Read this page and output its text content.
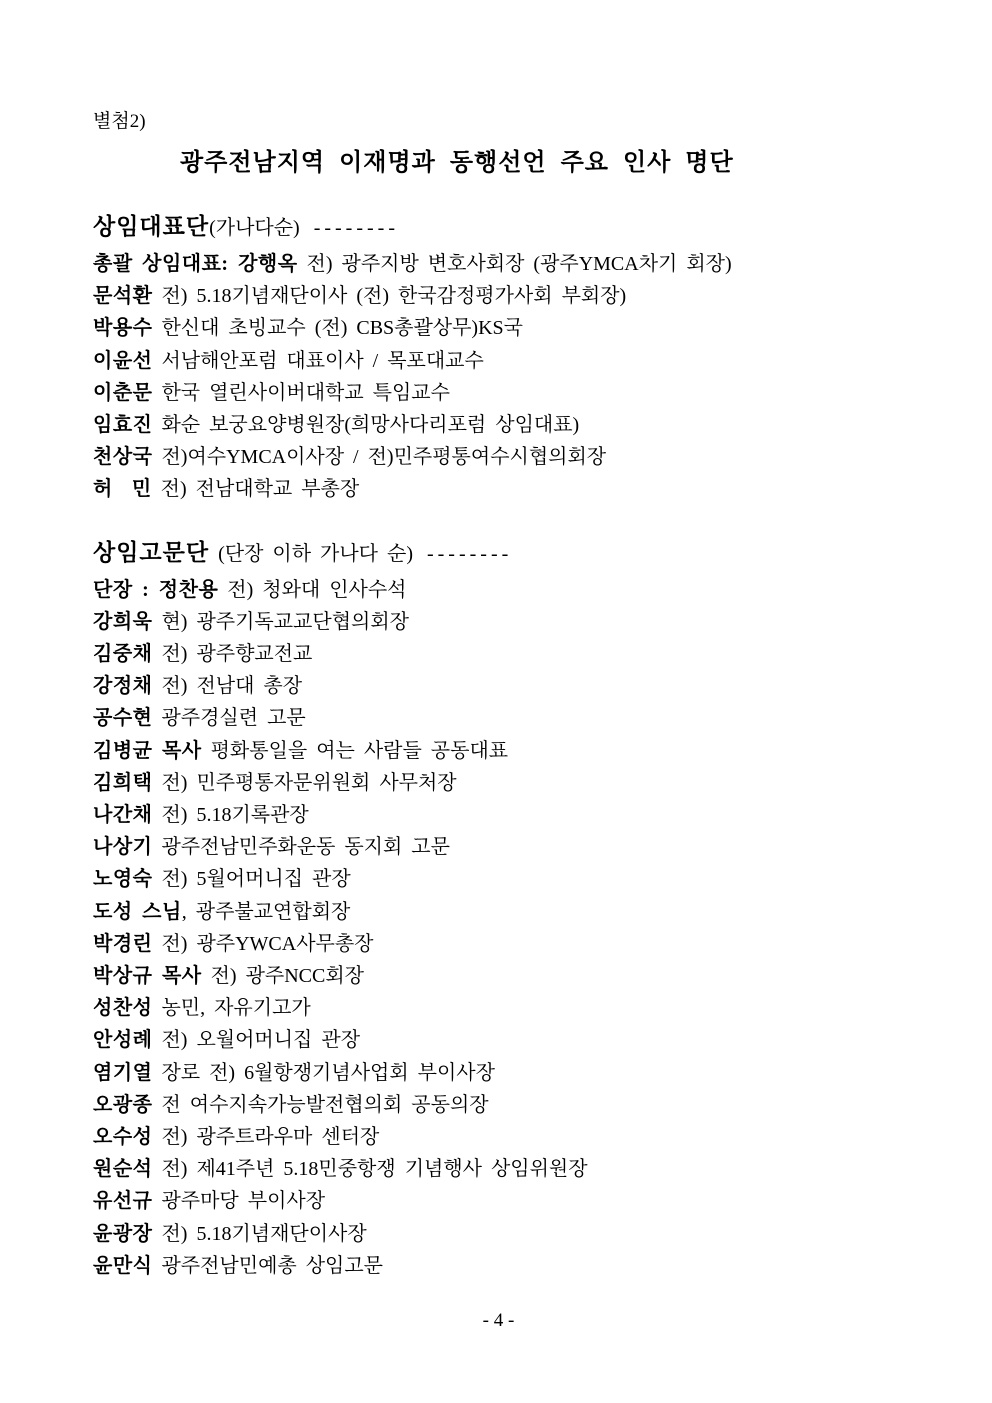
별첨2)
광주전남지역 이재명과 동행선언 주요 인사 명단
상임대표단(가나다순) --------
총괄 상임대표: 강행옥 전) 광주지방 변호사회장 (광주YMCA차기 회장)
문석환 전) 5.18기념재단이사 (전) 한국감정평가사회 부회장)
박용수 한신대 초빙교수 (전) CBS총괄상무)KS국
이윤선 서남해안포럼 대표이사 / 목포대교수
이춘문 한국 열린사이버대학교 특임교수
임효진 화순 보궁요양병원장(희망사다리포럼 상임대표)
천상국 전)여수YMCA이사장 / 전)민주평통여수시협의회장
허  민 전) 전남대학교 부총장
상임고문단 (단장 이하 가나다 순) --------
단장 : 정찬용 전) 청와대 인사수석
강희욱 현) 광주기독교교단협의회장
김중채 전) 광주향교전교
강정채 전) 전남대 총장
공수현 광주경실련 고문
김병균 목사 평화통일을 여는 사람들 공동대표
김희택 전) 민주평통자문위원회 사무처장
나간채 전) 5.18기록관장
나상기 광주전남민주화운동 동지회 고문
노영숙 전) 5월어머니집 관장
도성 스님, 광주불교연합회장
박경린 전) 광주YWCA사무총장
박상규 목사 전) 광주NCC회장
성찬성 농민, 자유기고가
안성례 전) 오월어머니집 관장
염기열 장로 전) 6월항쟁기념사업회 부이사장
오광종 전 여수지속가능발전협의회 공동의장
오수성 전) 광주트라우마 센터장
원순석 전) 제41주년 5.18민중항쟁 기념행사 상임위원장
유선규 광주마당 부이사장
윤광장 전) 5.18기념재단이사장
윤만식 광주전남민예총 상임고문
- 4 -
